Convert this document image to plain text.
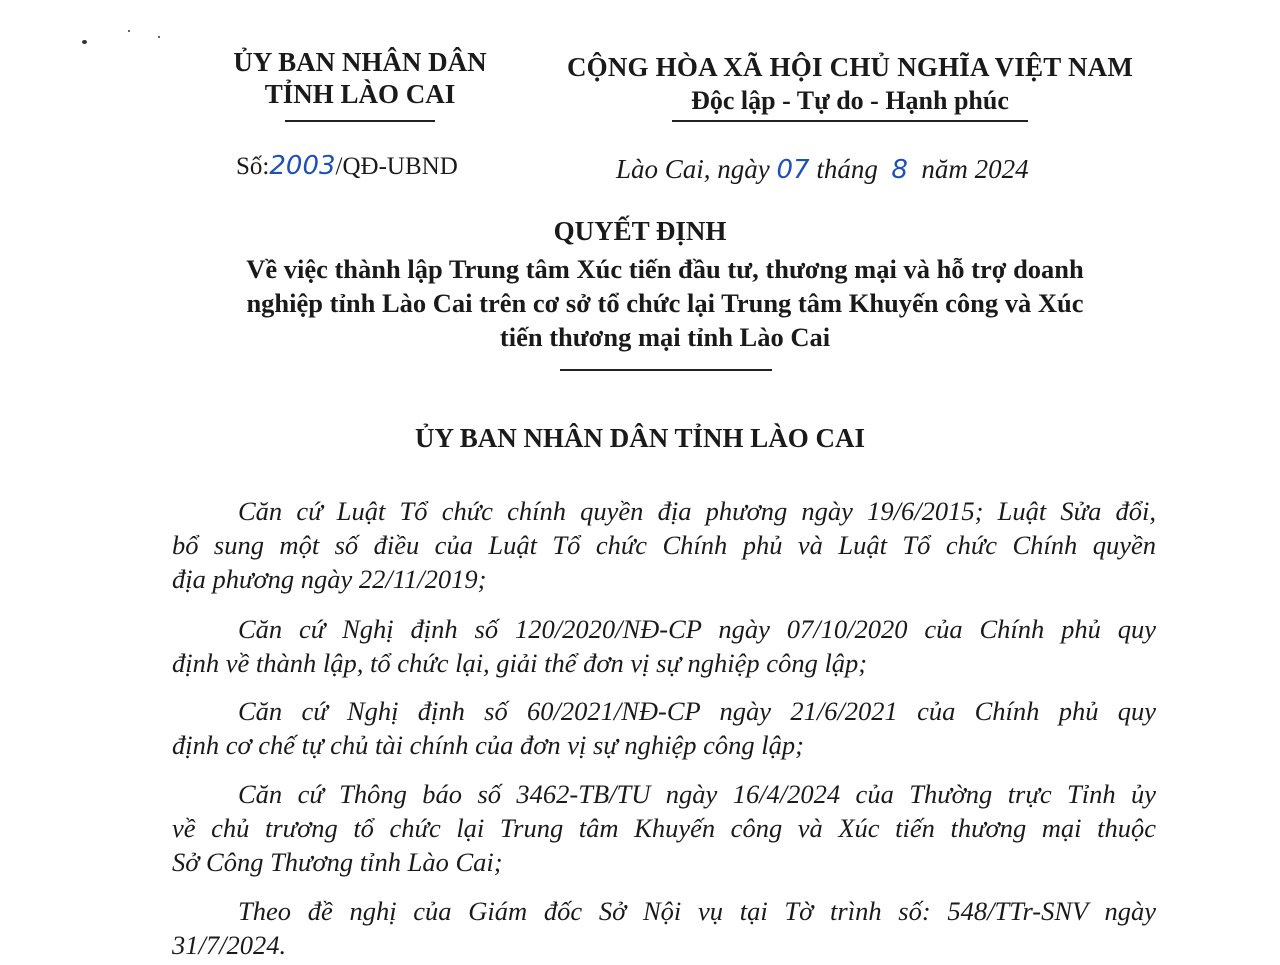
ỦY BAN NHÂN DÂN
TỈNH LÀO CAI
CỘNG HÒA XÃ HỘI CHỦ NGHĨA VIỆT NAM
Độc lập - Tự do - Hạnh phúc
Số:2003/QĐ-UBND	Lào Cai, ngày 07 tháng 8 năm 2024
QUYẾT ĐỊNH
Về việc thành lập Trung tâm Xúc tiến đầu tư, thương mại và hỗ trợ doanh
nghiệp tỉnh Lào Cai trên cơ sở tổ chức lại Trung tâm Khuyến công và Xúc
tiến thương mại tỉnh Lào Cai
ỦY BAN NHÂN DÂN TỈNH LÀO CAI
Căn cứ Luật Tổ chức chính quyền địa phương ngày 19/6/2015; Luật Sửa đổi,
bổ sung một số điều của Luật Tổ chức Chính phủ và Luật Tổ chức Chính quyền
địa phương ngày 22/11/2019;
Căn cứ Nghị định số 120/2020/NĐ-CP ngày 07/10/2020 của Chính phủ quy
định về thành lập, tổ chức lại, giải thể đơn vị sự nghiệp công lập;
Căn cứ Nghị định số 60/2021/NĐ-CP ngày 21/6/2021 của Chính phủ quy
định cơ chế tự chủ tài chính của đơn vị sự nghiệp công lập;
Căn cứ Thông báo số 3462-TB/TU ngày 16/4/2024 của Thường trực Tỉnh ủy
về chủ trương tổ chức lại Trung tâm Khuyến công và Xúc tiến thương mại thuộc
Sở Công Thương tỉnh Lào Cai;
Theo đề nghị của Giám đốc Sở Nội vụ tại Tờ trình số: 548/TTr-SNV ngày
31/7/2024.
